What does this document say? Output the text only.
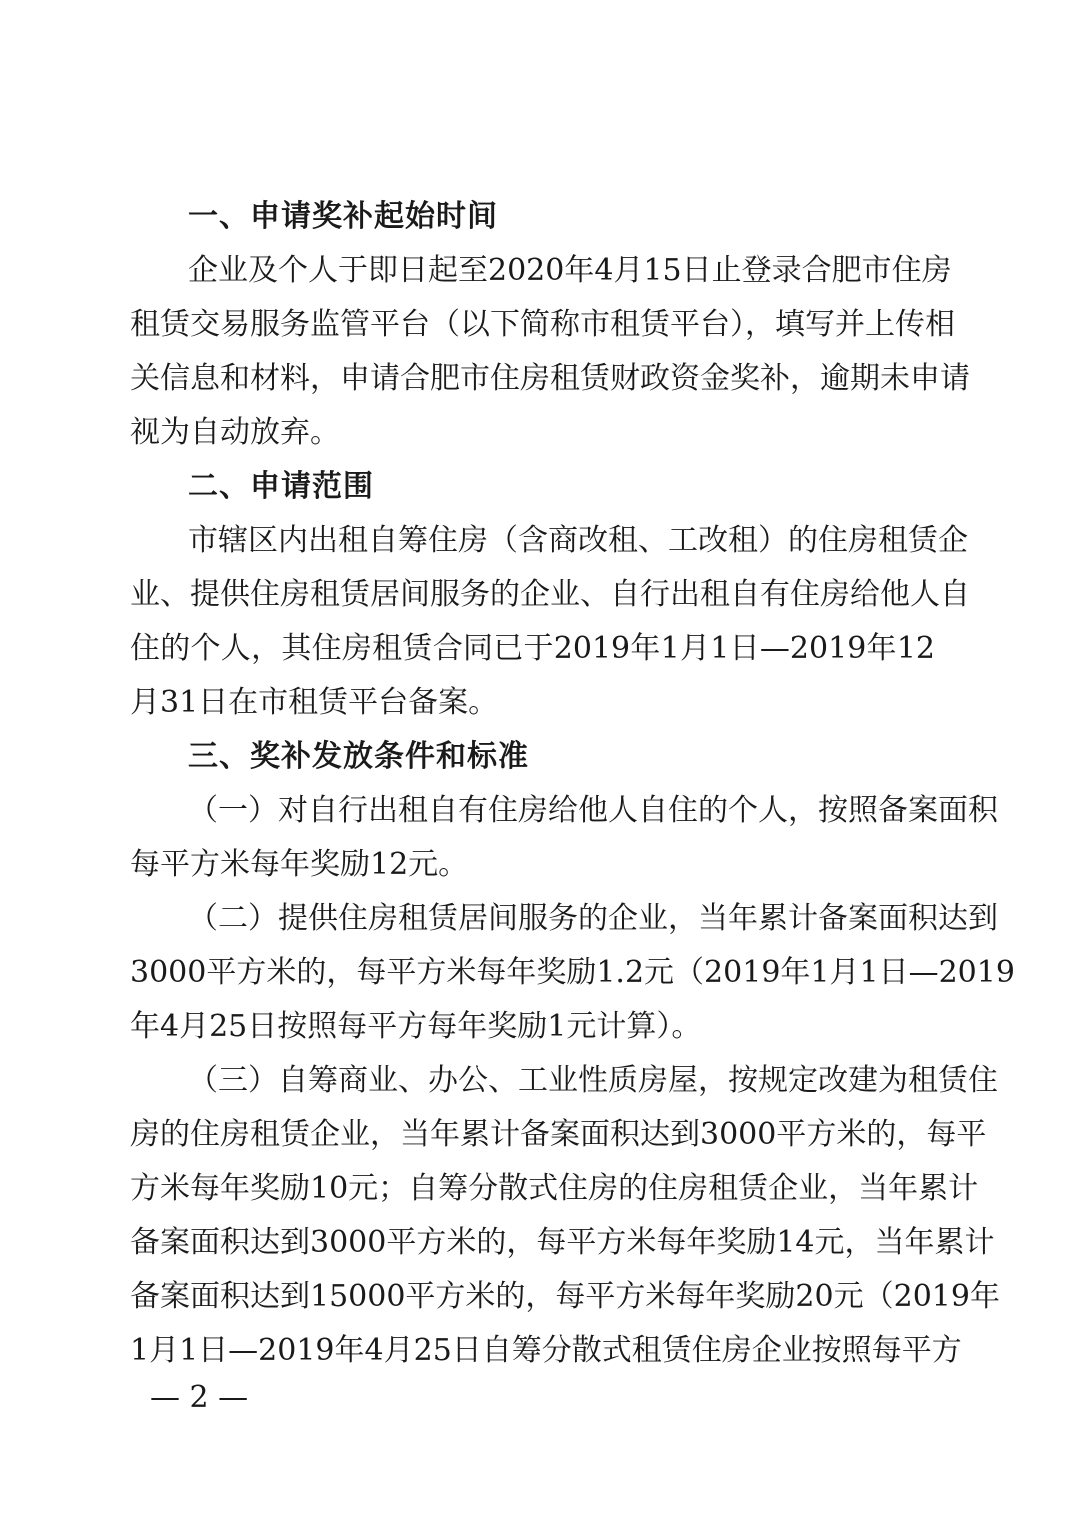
一、申请奖补起始时间
企业及个人于即日起至2020年4月15日止登录合肥市住房
租赁交易服务监管平台（以下简称市租赁平台），填写并上传相
关信息和材料，申请合肥市住房租赁财政资金奖补，逾期未申请
视为自动放弃。
二、申请范围
市辖区内出租自筹住房（含商改租、工改租）的住房租赁企
业、提供住房租赁居间服务的企业、自行出租自有住房给他人自
住的个人，其住房租赁合同已于2019年1月1日—2019年12
月31日在市租赁平台备案。
三、奖补发放条件和标准
（一）对自行出租自有住房给他人自住的个人，按照备案面积
每平方米每年奖励12元。
（二）提供住房租赁居间服务的企业，当年累计备案面积达到
3000平方米的，每平方米每年奖励1.2元（2019年1月1日—2019
年4月25日按照每平方每年奖励1元计算）。
（三）自筹商业、办公、工业性质房屋，按规定改建为租赁住
房的住房租赁企业，当年累计备案面积达到3000平方米的，每平
方米每年奖励10元；自筹分散式住房的住房租赁企业，当年累计
备案面积达到3000平方米的，每平方米每年奖励14元，当年累计
备案面积达到15000平方米的，每平方米每年奖励20元（2019年
1月1日—2019年4月25日自筹分散式租赁住房企业按照每平方
— 2 —
